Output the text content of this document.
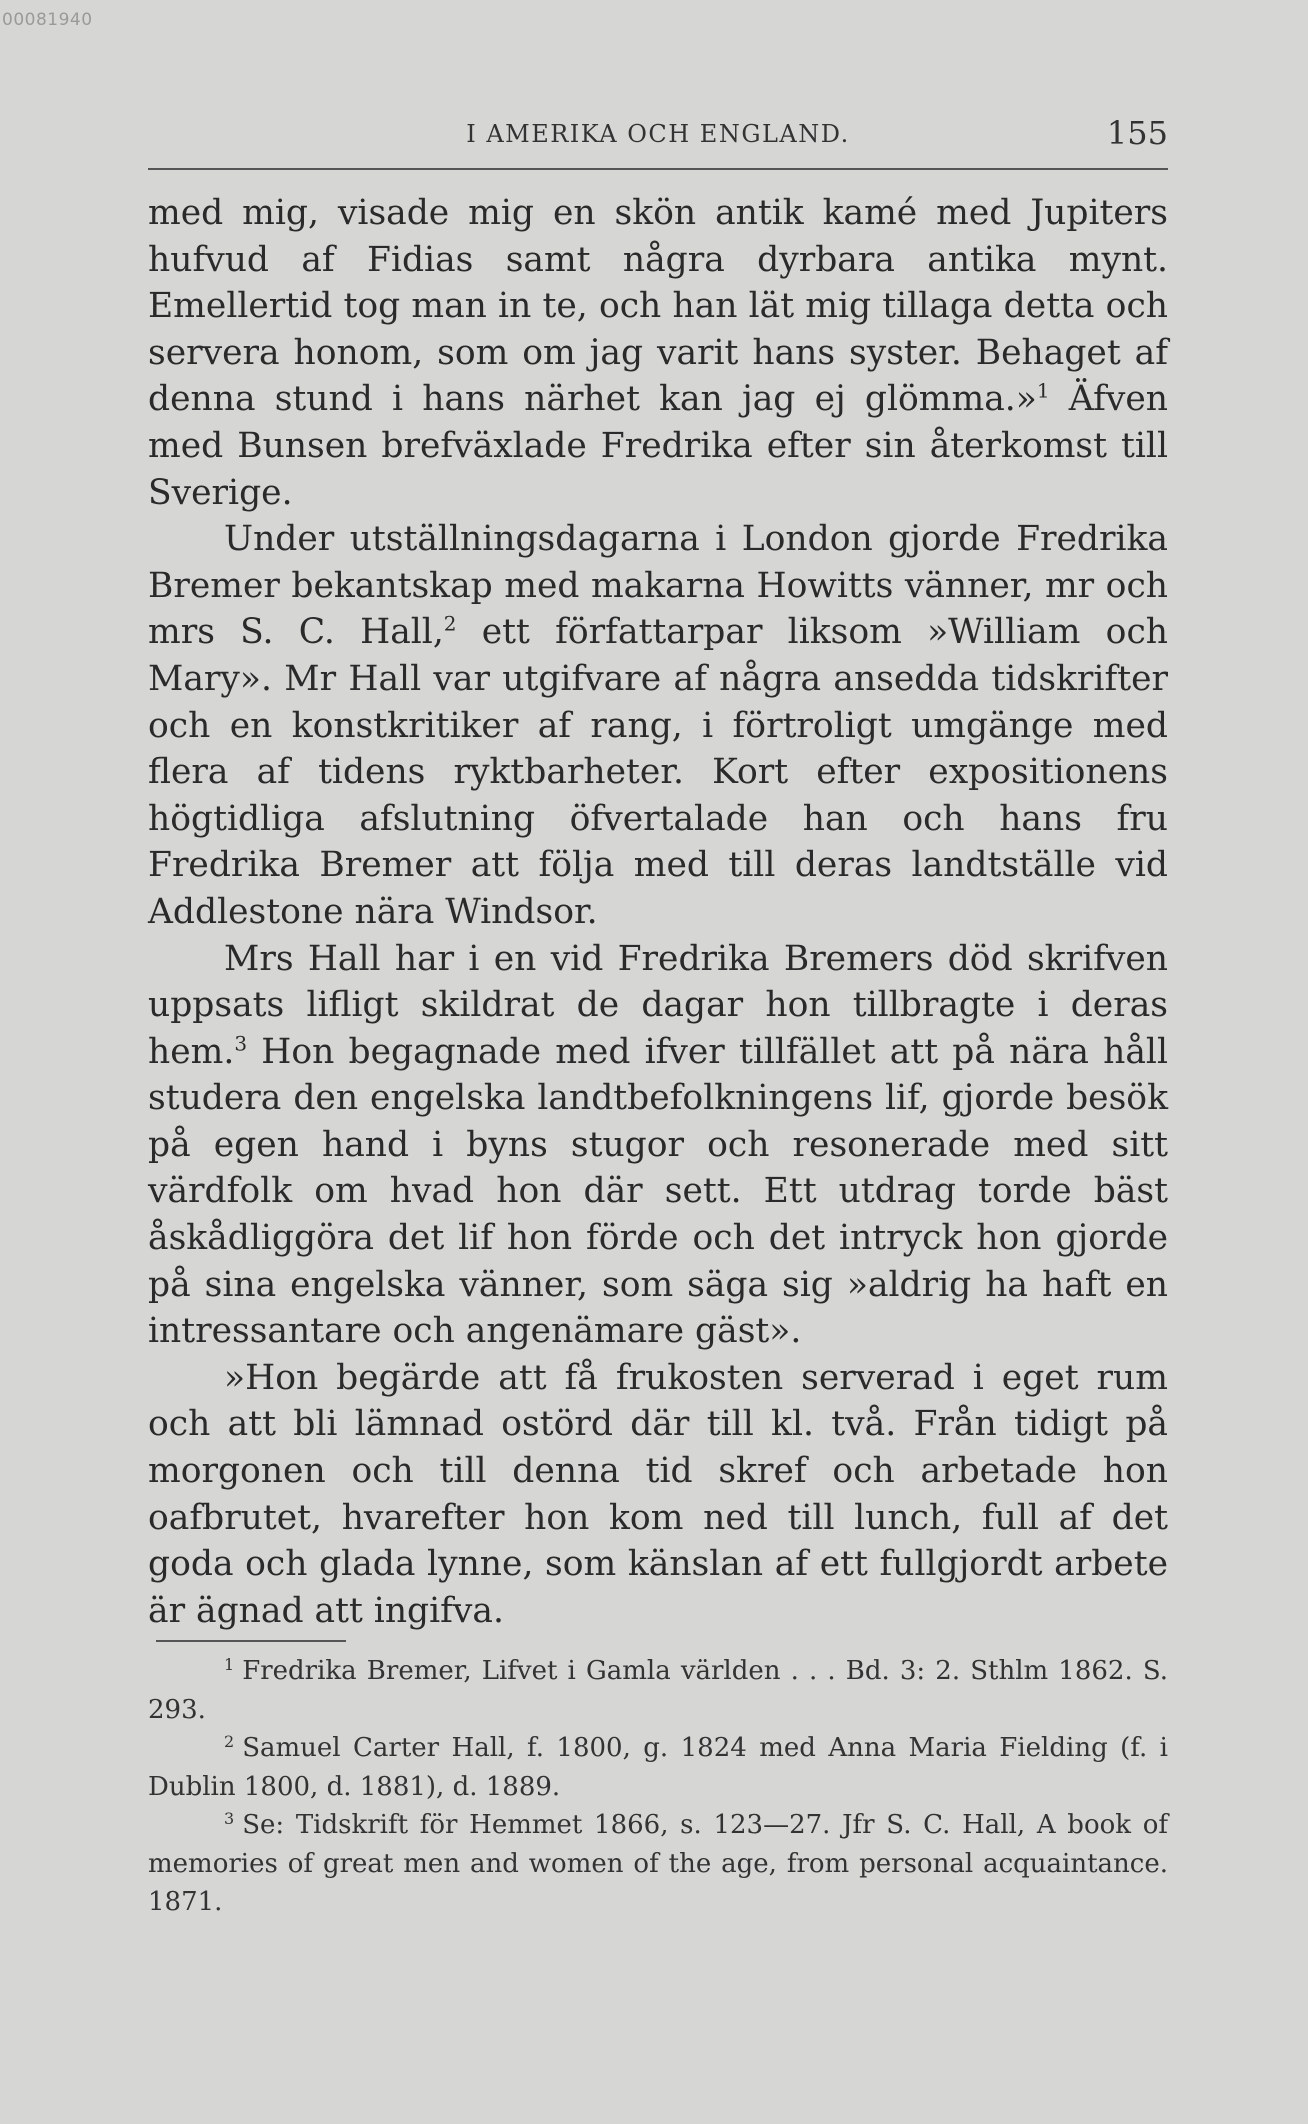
00081940
I AMERIKA OCH ENGLAND.	155

med mig, visade mig en skön antik kamé med Jupiters hufvud af Fidias samt några dyrbara antika mynt. Emellertid tog man in te, och han lät mig tillaga detta och servera honom, som om jag varit hans syster. Behaget af denna stund i hans närhet kan jag ej glömma.»$^1$ Äfven med Bunsen brefväxlade Fredrika efter sin återkomst till Sverige.

Under utställningsdagarna i London gjorde Fredrika Bremer bekantskap med makarna Howitts vänner, mr och mrs S. C. Hall,$^2$ ett författarpar liksom »William och Mary». Mr Hall var utgifvare af några ansedda tidskrifter och en konstkritiker af rang, i förtroligt umgänge med flera af tidens ryktbarheter. Kort efter expositionens högtidliga afslutning öfvertalade han och hans fru Fredrika Bremer att följa med till deras landtställe vid Addlestone nära Windsor.

Mrs Hall har i en vid Fredrika Bremers död skrifven uppsats lifligt skildrat de dagar hon tillbragte i deras hem.$^3$ Hon begagnade med ifver tillfället att på nära håll studera den engelska landtbefolkningens lif, gjorde besök på egen hand i byns stugor och resonerade med sitt värdfolk om hvad hon där sett. Ett utdrag torde bäst åskådliggöra det lif hon förde och det intryck hon gjorde på sina engelska vänner, som säga sig »aldrig ha haft en intressantare och angenämare gäst».

»Hon begärde att få frukosten serverad i eget rum och att bli lämnad ostörd där till kl. två. Från tidigt på morgonen och till denna tid skref och arbetade hon oafbrutet, hvarefter hon kom ned till lunch, full af det goda och glada lynne, som känslan af ett fullgjordt arbete är ägnad att ingifva.

$^1$ Fredrika Bremer, Lifvet i Gamla världen . . . Bd. 3: 2. Sthlm 1862. S. 293.

$^2$ Samuel Carter Hall, f. 1800, g. 1824 med Anna Maria Fielding (f. i Dublin 1800, d. 1881), d. 1889.

$^3$ Se: Tidskrift för Hemmet 1866, s. 123—27. Jfr S. C. Hall, A book of memories of great men and women of the age, from personal acquaintance. 1871.
